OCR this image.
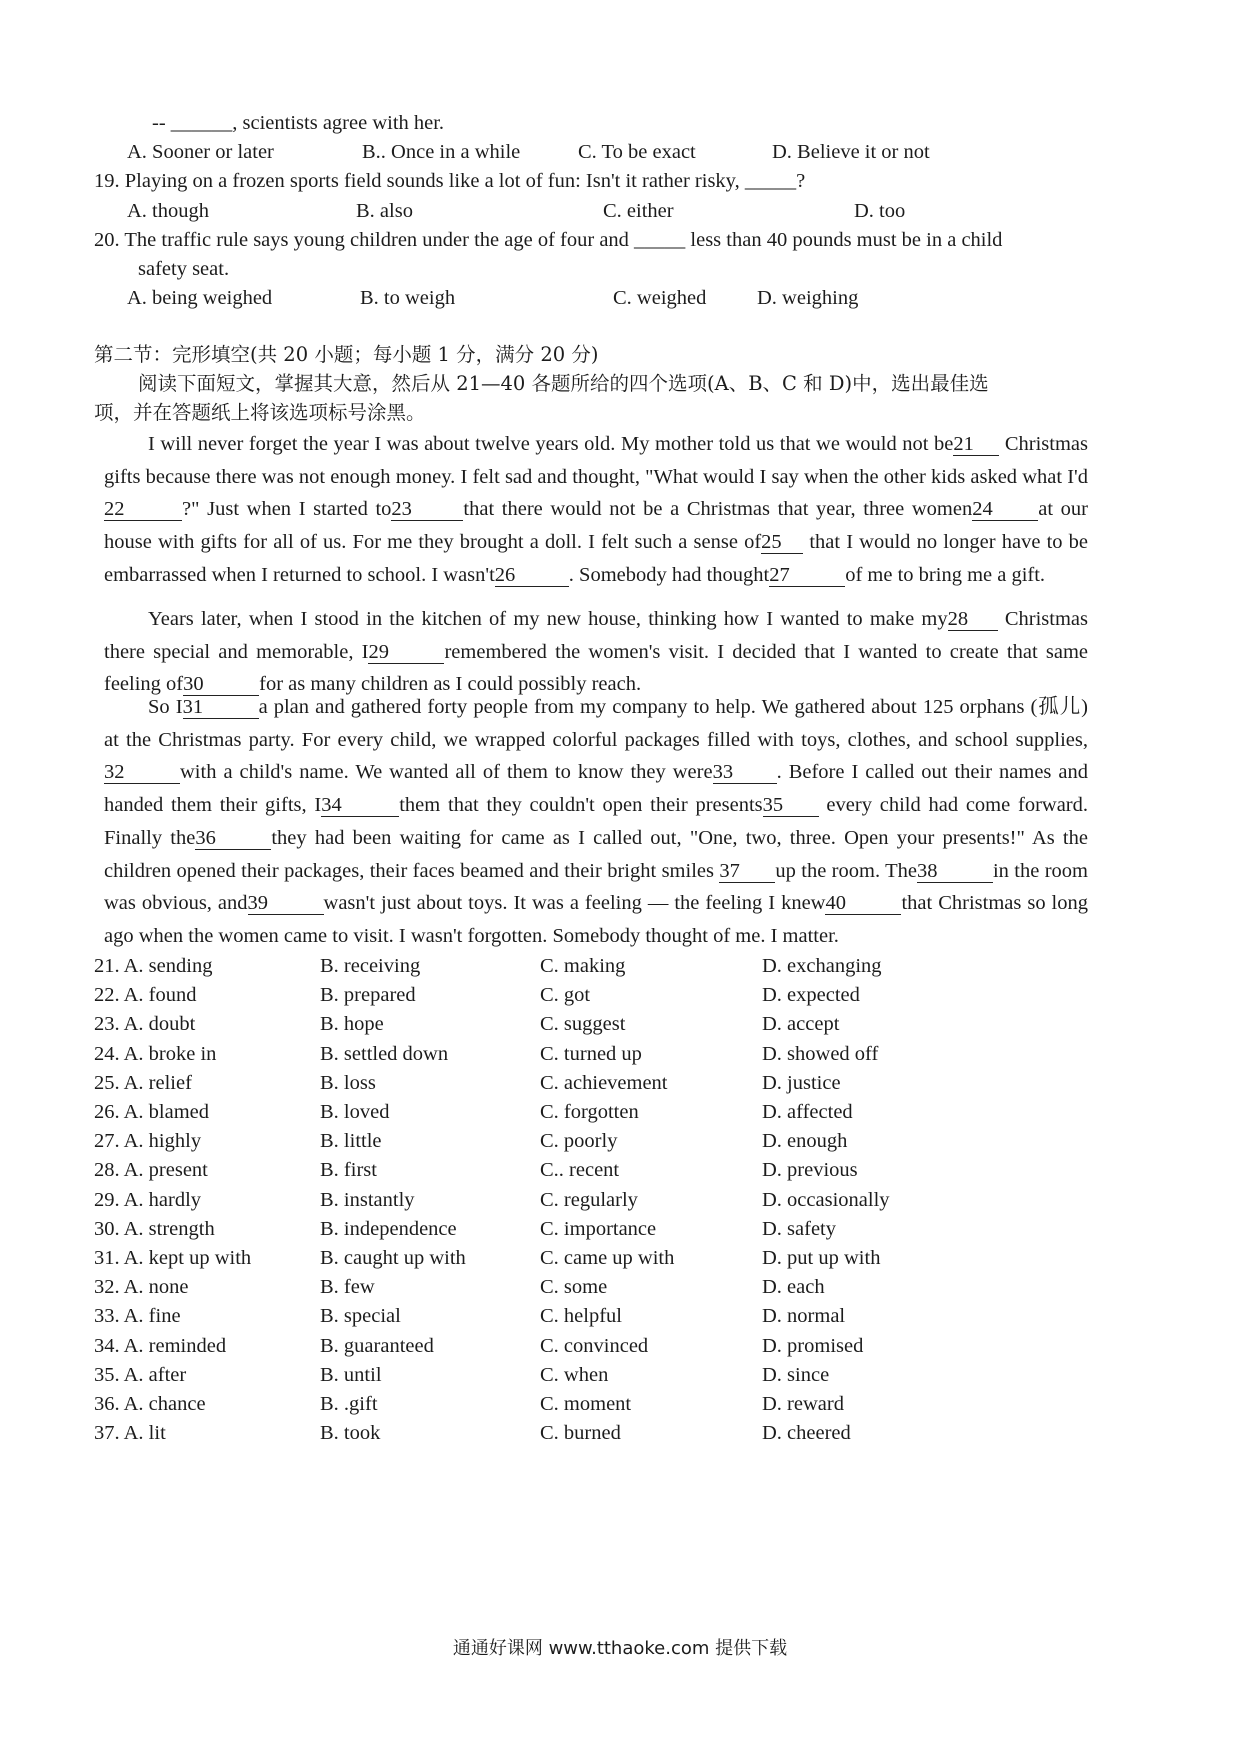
-- ______, scientists agree with her.
A. Sooner or later	B.. Once in a while	C. To be exact	D. Believe it or not
19. Playing on a frozen sports field sounds like a lot of fun: Isn't it rather risky, _____?
A. though	B. also	C. either	D. too
20. The traffic rule says young children under the age of four and _____ less than 40 pounds must be in a child
safety seat.
A. being weighed	B. to weigh	C. weighed D. weighing
第二节：完形填空(共 20 小题；每小题 1 分，满分 20 分)
阅读下面短文，掌握其大意，然后从 21—40 各题所给的四个选项(A、B、C 和 D)中，选出最佳选
项，并在答题纸上将该选项标号涂黑。
I will never forget the year I was about twelve years old. My mother told us that we would not be21 Christmas gifts because there was not enough money. I felt sad and thought, "What would I say when the other kids asked what I'd22	?" Just when I started to23	that there would not be a Christmas that year, three women24 at our house with gifts for all of us. For me they brought a doll. I felt such a sense of25 that I would no longer have to be embarrassed when I returned to school. I wasn't26	. Somebody had thought27	of me to bring me a gift.
Years later, when I stood in the kitchen of my new house, thinking how I wanted to make my28 Christmas there special and memorable, I29	remembered the women's visit. I decided that I wanted to create that same feeling of30	for as many children as I could possibly reach.
So I31	a plan and gathered forty people from my company to help. We gathered about 125 orphans (孤儿) at the Christmas party. For every child, we wrapped colorful packages filled with toys, clothes, and school supplies, 32	with a child's name. We wanted all of them to know they were33 . Before I called out their names and handed them their gifts, I34	them that they couldn't open their presents35 every child had come forward. Finally the36	they had been waiting for came as I called out, "One, two, three. Open your presents!" As the children opened their packages, their faces beamed and their bright smiles 37 up the room. The38	in the room was obvious, and39	wasn't just about toys. It was a feeling — the feeling I knew40	that Christmas so long ago when the women came to visit. I wasn't forgotten. Somebody thought of me. I matter.
21. A. sending	B. receiving	C. making	D. exchanging
22. A. found	B. prepared	C. got	D. expected
23. A. doubt	B. hope	C. suggest	D. accept
24. A. broke in	B. settled down	C. turned up	D. showed off
25. A. relief	B. loss	C. achievement	D. justice
26. A. blamed	B. loved	C. forgotten	D. affected
27. A. highly	B. little	C. poorly	D. enough
28. A. present	B. first	C.. recent	D. previous
29. A. hardly	B. instantly	C. regularly	D. occasionally
30. A. strength	B. independence	C. importance	D. safety
31. A. kept up with	B. caught up with	C. came up with	D. put up with
32. A. none	B. few	C. some	D. each
33. A. fine	B. special	C. helpful	D. normal
34. A. reminded	B. guaranteed	C. convinced	D. promised
35. A. after	B. until	C. when	D. since
36. A. chance	B. .gift	C. moment	D. reward
37. A. lit	B. took	C. burned	D. cheered
通通好课网 www.tthaoke.com 提供下载
